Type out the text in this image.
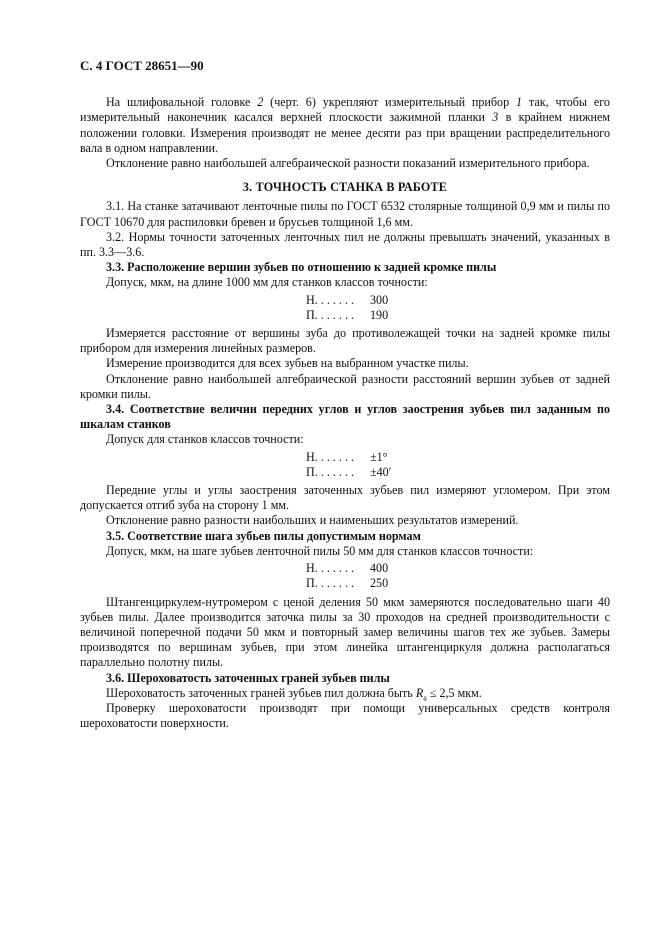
С. 4 ГОСТ 28651—90

На шлифовальной головке 2 (черт. 6) укрепляют измерительный прибор 1 так, чтобы его измерительный наконечник касался верхней плоскости зажимной планки 3 в крайнем нижнем положении головки. Измерения производят не менее десяти раз при вращении распределительного вала в одном направлении.

Отклонение равно наибольшей алгебраической разности показаний измерительного прибора.

3. ТОЧНОСТЬ СТАНКА В РАБОТЕ

3.1. На станке затачивают ленточные пилы по ГОСТ 6532 столярные толщиной 0,9 мм и пилы по ГОСТ 10670 для распиловки бревен и брусьев толщиной 1,6 мм.

3.2. Нормы точности заточенных ленточных пил не должны превышать значений, указанных в пп. 3.3—3.6.

3.3. Расположение вершин зубьев по отношению к задней кромке пилы

Допуск, мкм, на длине 1000 мм для станков классов точности:

Н. . . . . . .	300
П. . . . . . .	190

Измеряется расстояние от вершины зуба до противолежащей точки на задней кромке пилы прибором для измерения линейных размеров.

Измерение производится для всех зубьев на выбранном участке пилы.

Отклонение равно наибольшей алгебраической разности расстояний вершин зубьев от задней кромки пилы.

3.4. Соответствие величин передних углов и углов заострения зубьев пил заданным по шкалам станков

Допуск для станков классов точности:

Н. . . . . . .	±1°
П. . . . . . .	±40′

Передние углы и углы заострения заточенных зубьев пил измеряют угломером. При этом допускается отгиб зуба на сторону 1 мм.

Отклонение равно разности наибольших и наименьших результатов измерений.

3.5. Соответствие шага зубьев пилы допустимым нормам

Допуск, мкм, на шаге зубьев ленточной пилы 50 мм для станков классов точности:

Н. . . . . . .	400
П. . . . . . .	250

Штангенциркулем-нутромером с ценой деления 50 мкм замеряются последовательно шаги 40 зубьев пилы. Далее производится заточка пилы за 30 проходов на средней производительности с величиной поперечной подачи 50 мкм и повторный замер величины шагов тех же зубьев. Замеры производятся по вершинам зубьев, при этом линейка штангенциркуля должна располагаться параллельно полотну пилы.

3.6. Шероховатость заточенных граней зубьев пилы

Шероховатость заточенных граней зубьев пил должна быть $R_a \le 2,5$ мкм.

Проверку шероховатости производят при помощи универсальных средств контроля шероховатости поверхности.
